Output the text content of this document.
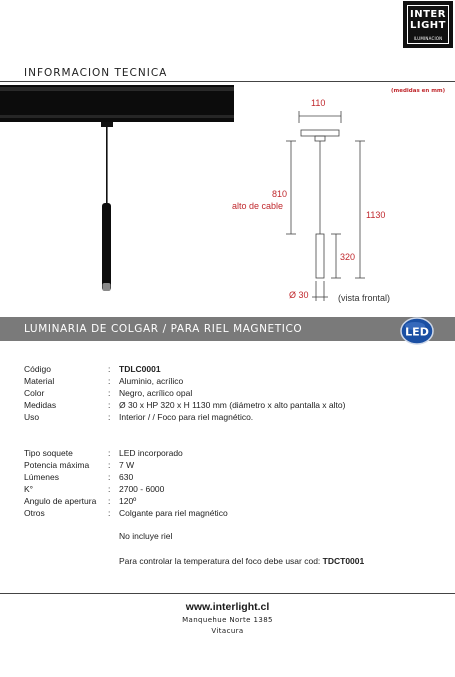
INTER
LIGHT
ILUMINACION
INFORMACION TECNICA
(medidas en mm)
110
810
alto de cable
1130
320
Ø 30	(vista frontal)
LUMINARIA DE COLGAR / PARA RIEL MAGNETICO	LED
Código	: TDLC0001
Material	: Aluminio, acrílico
Color	: Negro, acrílico opal
Medidas	: Ø 30 x HP 320 x H 1130 mm (diámetro x alto pantalla x alto)
Uso	: Interior / / Foco para riel magnético.
Tipo soquete	: LED incorporado
Potencia máxima : 7 W
Lúmenes	: 630
K°	: 2700 - 6000
Angulo de apertura : 120º
Otros	: Colgante para riel magnético
No incluye riel
Para controlar la temperatura del foco debe usar cod: TDCT0001
www.interlight.cl
Manquehue Norte 1385
Vitacura
